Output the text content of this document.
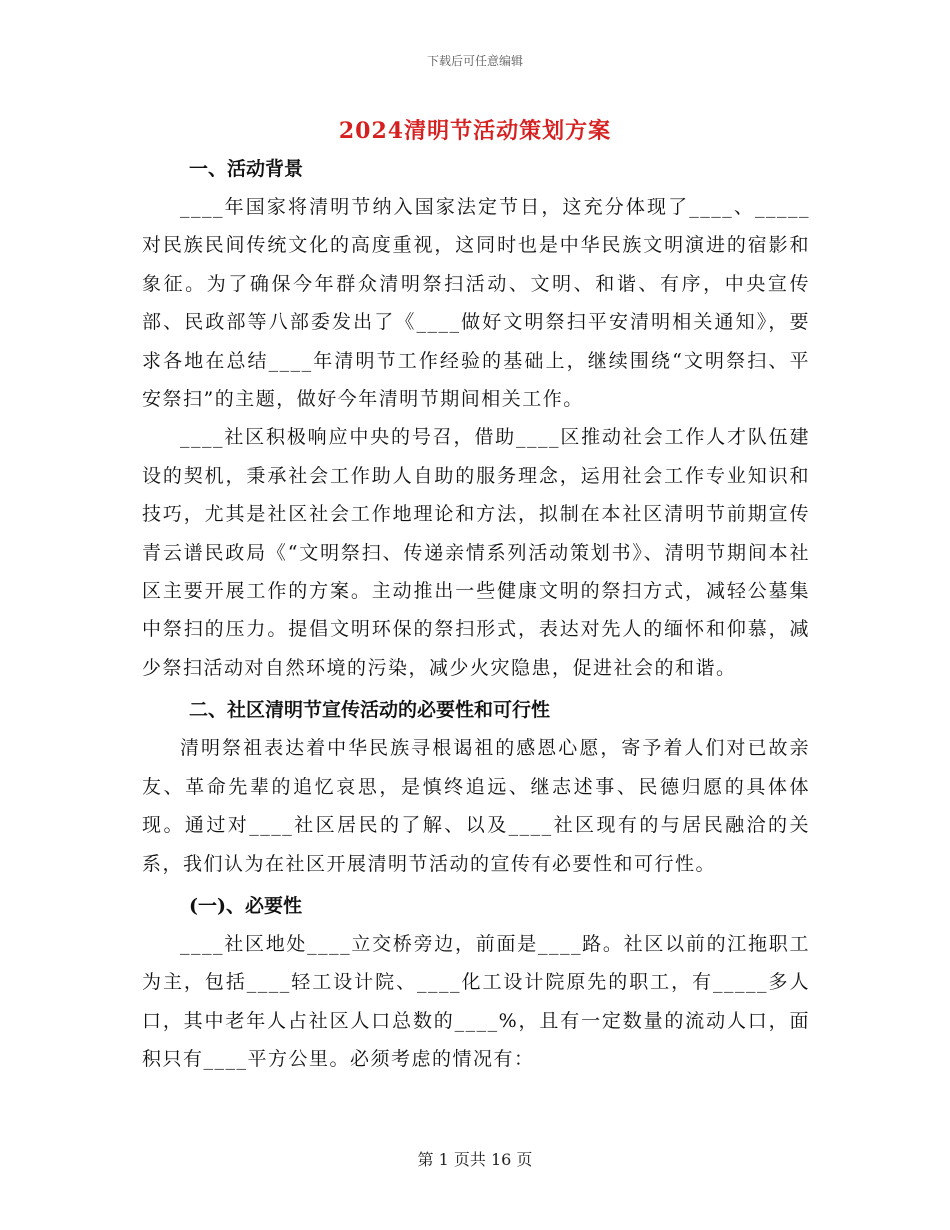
下载后可任意编辑
2024清明节活动策划方案
一、活动背景

____年国家将清明节纳入国家法定节日，这充分体现了____、_____对民族民间传统文化的高度重视，这同时也是中华民族文明演进的宿影和象征。为了确保今年群众清明祭扫活动、文明、和谐、有序，中央宣传部、民政部等八部委发出了《____做好文明祭扫平安清明相关通知》，要求各地在总结____年清明节工作经验的基础上，继续围绕“文明祭扫、平安祭扫”的主题，做好今年清明节期间相关工作。

____社区积极响应中央的号召，借助____区推动社会工作人才队伍建设的契机，秉承社会工作助人自助的服务理念，运用社会工作专业知识和技巧，尤其是社区社会工作地理论和方法，拟制在本社区清明节前期宣传青云谱民政局《“文明祭扫、传递亲情系列活动策划书》、清明节期间本社区主要开展工作的方案。主动推出一些健康文明的祭扫方式，减轻公墓集中祭扫的压力。提倡文明环保的祭扫形式，表达对先人的缅怀和仰慕，减少祭扫活动对自然环境的污染，减少火灾隐患，促进社会的和谐。

二、社区清明节宣传活动的必要性和可行性

清明祭祖表达着中华民族寻根谒祖的感恩心愿，寄予着人们对已故亲友、革命先辈的追忆哀思，是慎终追远、继志述事、民德归愿的具体体现。通过对____社区居民的了解、以及____社区现有的与居民融洽的关系，我们认为在社区开展清明节活动的宣传有必要性和可行性。

(一)、必要性

____社区地处____立交桥旁边，前面是____路。社区以前的江拖职工为主，包括____轻工设计院、____化工设计院原先的职工，有_____多人口，其中老年人占社区人口总数的____%，且有一定数量的流动人口，面积只有____平方公里。必须考虑的情况有：

第 1 页共 16 页
